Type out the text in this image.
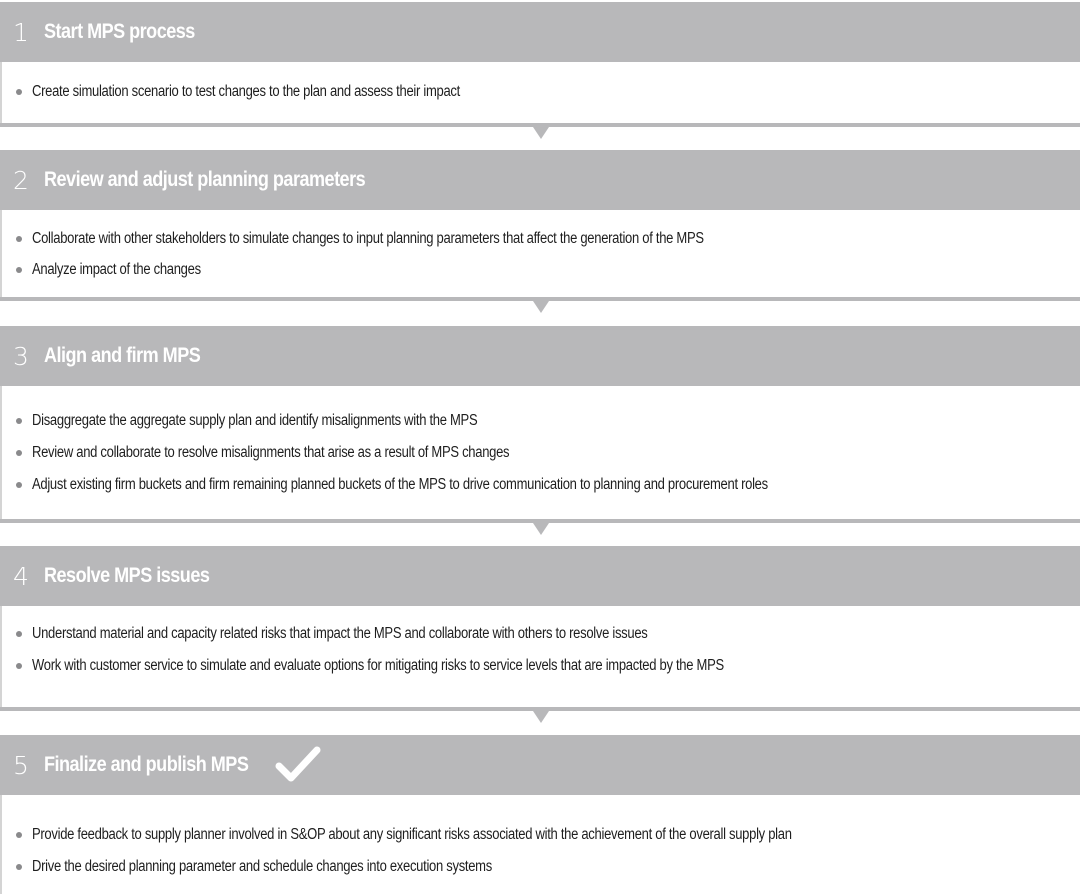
1 Start MPS process
Create simulation scenario to test changes to the plan and assess their impact
2 Review and adjust planning parameters
Collaborate with other stakeholders to simulate changes to input planning parameters that affect the generation of the MPS
Analyze impact of the changes
3 Align and firm MPS
Disaggregate the aggregate supply plan and identify misalignments with the MPS
Review and collaborate to resolve misalignments that arise as a result of MPS changes
Adjust existing firm buckets and firm remaining planned buckets of the MPS to drive communication to planning and procurement roles
4 Resolve MPS issues
Understand material and capacity related risks that impact the MPS and collaborate with others to resolve issues
Work with customer service to simulate and evaluate options for mitigating risks to service levels that are impacted by the MPS
5 Finalize and publish MPS
Provide feedback to supply planner involved in S&OP about any significant risks associated with the achievement of the overall supply plan
Drive the desired planning parameter and schedule changes into execution systems
